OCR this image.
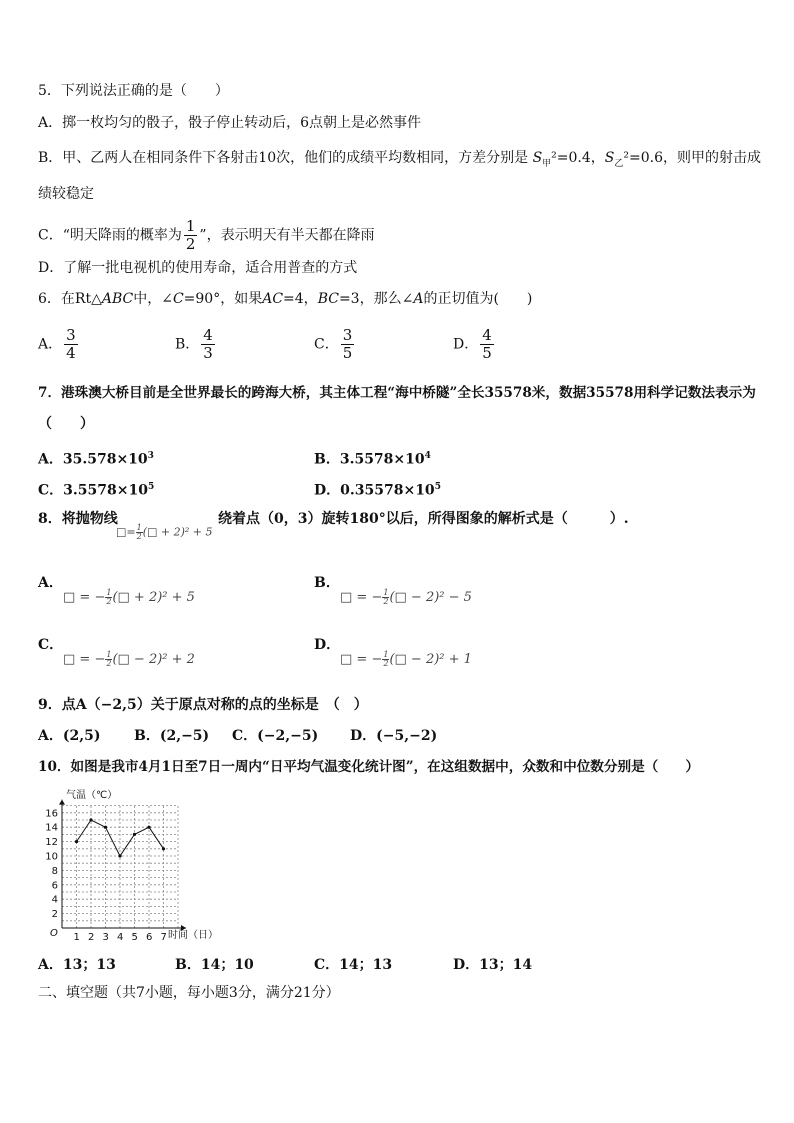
5．下列说法正确的是（　　）
A．掷一枚均匀的骰子，骰子停止转动后，6点朝上是必然事件
B．甲、乙两人在相同条件下各射击10次，他们的成绩平均数相同，方差分别是 $S_甲^2=0.4$，$S_乙^2=0.6$，则甲的射击成
绩较稳定
C．“明天降雨的概率为 $\frac{1}{2}$ ”，表示明天有半天都在降雨
D．了解一批电视机的使用寿命，适合用普查的方式
6．在Rt△ABC中，∠C=90°，如果AC=4，BC=3，那么∠A的正切值为(　　)
A． $\frac{3}{4}$	B． $\frac{4}{3}$	C． $\frac{3}{5}$	D． $\frac{4}{5}$
7．港珠澳大桥目前是全世界最长的跨海大桥，其主体工程“海中桥隧”全长35578米，数据35578用科学记数法表示为
（　　）
A．$35.578\times 10^3$	B．$3.5578\times 10^4$
C．$3.5578\times 10^5$	D．$0.35578\times 10^5$
8．将抛物线
□= $\frac{1}{2}$ (□ + 2)² + 5
绕着点（0，3）旋转180°以后，所得图象的解析式是（　　　）.
A．
□ = − $\frac{1}{2}$ (□ + 2)² + 5
B．
□ = − $\frac{1}{2}$ (□ − 2)² − 5
C．
□ = − $\frac{1}{2}$ (□ − 2)² + 2
D．
□ = − $\frac{1}{2}$ (□ − 2)² + 1
9．点A（−2,5）关于原点对称的点的坐标是　（　）
A．(2,5) B．(2,−5) C．(−2,−5) D．(−5,−2)
10．如图是我市4月1日至7日一周内“日平均气温变化统计图”，在这组数据中，众数和中位数分别是（　　）
1 2 3 4 5 6 7
2
4
6
8
10
12
14
16
气温（℃）
时间（日）
O
A．13；13	B．14；10	C．14；13	D．13；14
二、填空题（共7小题，每小题3分，满分21分）
